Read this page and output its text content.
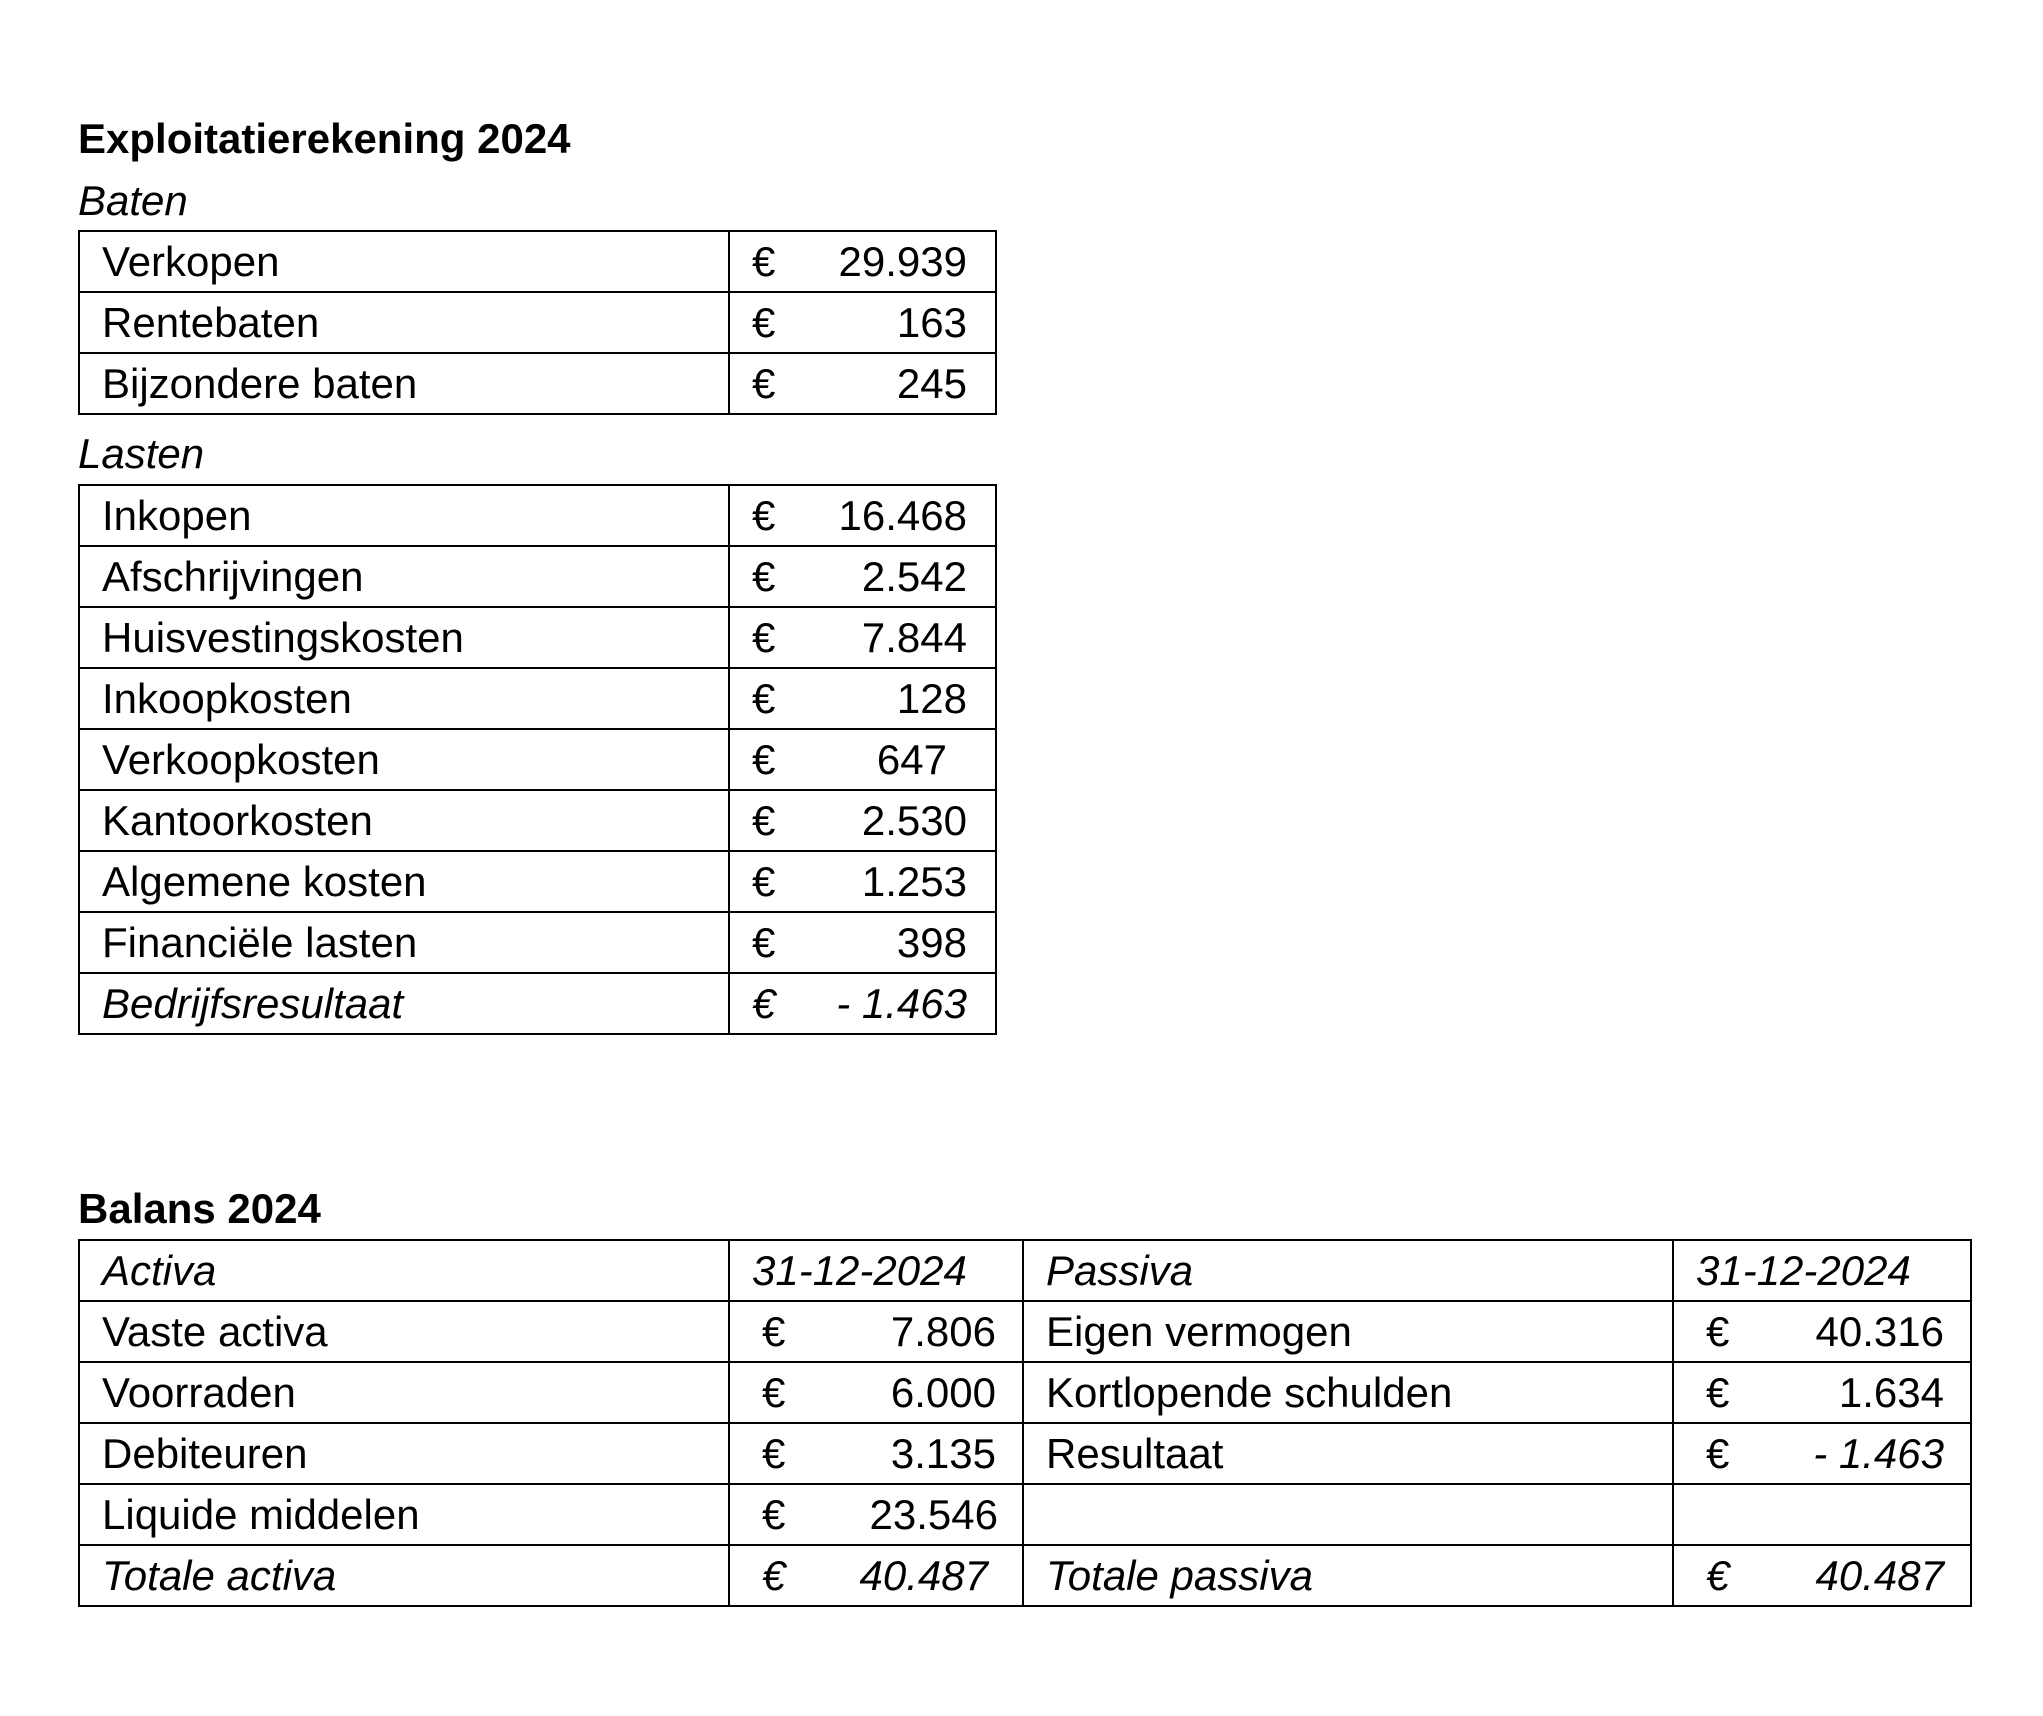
Exploitatierekening 2024
Baten
Verkopen	€ 29.939

Rentebaten	€ 163

Bijzondere baten	€ 245
Lasten
Inkopen	€ 16.468

Afschrijvingen	€ 2.542

Huisvestingskosten	€ 7.844

Inkoopkosten	€ 128

Verkoopkosten	€ 647

Kantoorkosten	€ 2.530

Algemene kosten	€ 1.253

Financiële lasten	€ 398

Bedrijfsresultaat	€ - 1.463
Balans 2024
Activa	31-12-2024	Passiva	31-12-2024
Vaste activa	€ 7.806	Eigen vermogen	€ 40.316

Voorraden	€ 6.000	Kortlopende schulden	€ 1.634

Debiteuren	€ 3.135	Resultaat	€ - 1.463

Liquide middelen	€ 23.546		

Totale activa	€ 40.487	Totale passiva	€ 40.487
